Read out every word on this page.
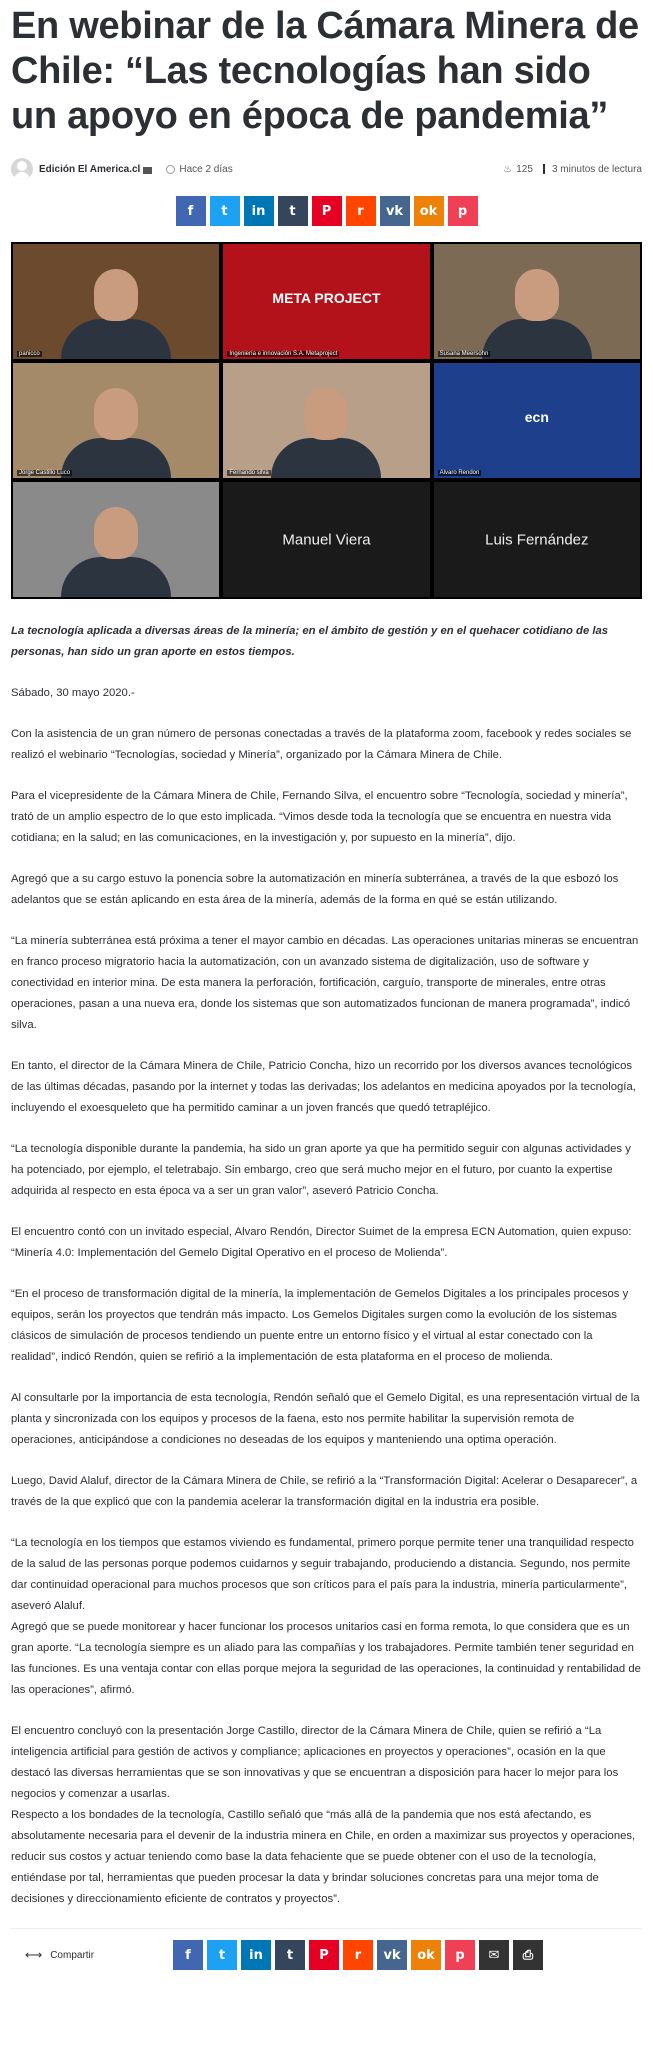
En webinar de la Cámara Minera de Chile: “Las tecnologías han sido un apoyo en época de pandemia”
Edición El America.cl	Hace 2 días	♨ 125 3 minutos de lectura
f t in t P r vk ok p
panicco
META PROJECT
Ingeniería e innovación S.A. Metaproject	Susana Meersohn
Jorge Castillo Luco	Fernando silva
ecn
Alvaro Rendon
Manuel Viera	Luis Fernández
La tecnología aplicada a diversas áreas de la minería; en el ámbito de gestión y en el quehacer cotidiano de las personas, han sido un gran aporte en estos tiempos.

Sábado, 30 mayo 2020.-

Con la asistencia de un gran número de personas conectadas a través de la plataforma zoom, facebook y redes sociales se realizó el webinario “Tecnologías, sociedad y Minería”, organizado por la Cámara Minera de Chile.

Para el vicepresidente de la Cámara Minera de Chile, Fernando Silva, el encuentro sobre “Tecnología, sociedad y minería”, trató de un amplio espectro de lo que esto implicada. “Vimos desde toda la tecnología que se encuentra en nuestra vida cotidiana; en la salud; en las comunicaciones, en la investigación y, por supuesto en la minería”, dijo.

Agregó que a su cargo estuvo la ponencia sobre la automatización en minería subterránea, a través de la que esbozó los adelantos que se están aplicando en esta área de la minería, además de la forma en qué se están utilizando.

“La minería subterránea está próxima a tener el mayor cambio en décadas. Las operaciones unitarias mineras se encuentran en franco proceso migratorio hacia la automatización, con un avanzado sistema de digitalización, uso de software y conectividad en interior mina. De esta manera la perforación, fortificación, carguío, transporte de minerales, entre otras operaciones, pasan a una nueva era, donde los sistemas que son automatizados funcionan de manera programada”, indicó silva.

En tanto, el director de la Cámara Minera de Chile, Patricio Concha, hizo un recorrido por los diversos avances tecnológicos de las últimas décadas, pasando por la internet y todas las derivadas; los adelantos en medicina apoyados por la tecnología, incluyendo el exoesqueleto que ha permitido caminar a un joven francés que quedó tetrapléjico.

“La tecnología disponible durante la pandemia, ha sido un gran aporte ya que ha permitido seguir con algunas actividades y ha potenciado, por ejemplo, el teletrabajo. Sin embargo, creo que será mucho mejor en el futuro, por cuanto la expertise adquirida al respecto en esta época va a ser un gran valor”, aseveró Patricio Concha.

El encuentro contó con un invitado especial, Alvaro Rendón, Director Suimet de la empresa ECN Automation, quien expuso: “Minería 4.0: Implementación del Gemelo Digital Operativo en el proceso de Molienda”.

“En el proceso de transformación digital de la minería, la implementación de Gemelos Digitales a los principales procesos y equipos, serán los proyectos que tendrán más impacto. Los Gemelos Digitales surgen como la evolución de los sistemas clásicos de simulación de procesos tendiendo un puente entre un entorno físico y el virtual al estar conectado con la realidad”, indicó Rendón, quien se refirió a la implementación de esta plataforma en el proceso de molienda.

Al consultarle por la importancia de esta tecnología, Rendón señaló que el Gemelo Digital, es una representación virtual de la planta y sincronizada con los equipos y procesos de la faena, esto nos permite habilitar la supervisión remota de operaciones, anticipándose a condiciones no deseadas de los equipos y manteniendo una optima operación.

Luego, David Alaluf, director de la Cámara Minera de Chile, se refirió a la “Transformación Digital: Acelerar o Desaparecer”, a través de la que explicó que con la pandemia acelerar la transformación digital en la industria era posible.

“La tecnología en los tiempos que estamos viviendo es fundamental, primero porque permite tener una tranquilidad respecto de la salud de las personas porque podemos cuidarnos y seguir trabajando, produciendo a distancia. Segundo, nos permite dar continuidad operacional para muchos procesos que son críticos para el país para la industria, minería particularmente”, aseveró Alaluf.

Agregó que se puede monitorear y hacer funcionar los procesos unitarios casi en forma remota, lo que considera que es un gran aporte. “La tecnología siempre es un aliado para las compañías y los trabajadores. Permite también tener seguridad en las funciones. Es una ventaja contar con ellas porque mejora la seguridad de las operaciones, la continuidad y rentabilidad de las operaciones”, afirmó.

El encuentro concluyó con la presentación Jorge Castillo, director de la Cámara Minera de Chile, quien se refirió a “La inteligencia artificial para gestión de activos y compliance; aplicaciones en proyectos y operaciones”, ocasión en la que destacó las diversas herramientas que se son innovativas y que se encuentran a disposición para hacer lo mejor para los negocios y comenzar a usarlas.

Respecto a los bondades de la tecnología, Castillo señaló que “más allá de la pandemia que nos está afectando, es absolutamente necesaria para el devenir de la industria minera en Chile, en orden a maximizar sus proyectos y operaciones, reducir sus costos y actuar teniendo como base la data fehaciente que se puede obtener con el uso de la tecnología, entiéndase por tal, herramientas que pueden procesar la data y brindar soluciones concretas para una mejor toma de decisiones y direccionamiento eficiente de contratos y proyectos”.

⟷ Compartir	f t in t P r vk ok p ✉ ⎙
